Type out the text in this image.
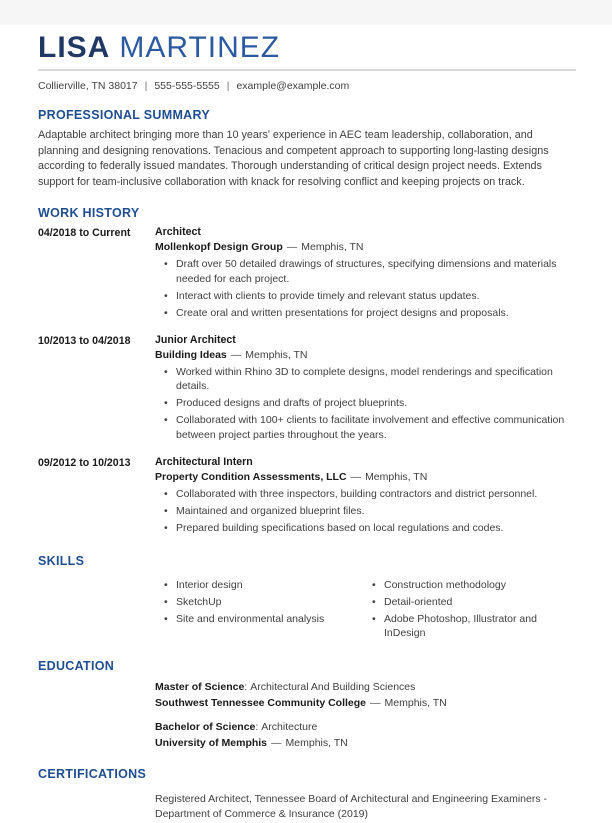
LISA MARTINEZ
Collierville, TN 38017 | 555-555-5555 | example@example.com
PROFESSIONAL SUMMARY

Adaptable architect bringing more than 10 years' experience in AEC team leadership, collaboration, and planning and designing renovations. Tenacious and competent approach to supporting long-lasting designs according to federally issued mandates. Thorough understanding of critical design project needs. Extends support for team-inclusive collaboration with knack for resolving conflict and keeping projects on track.

WORK HISTORY
04/2018 to Current	Architect
Mollenkopf Design Group — Memphis, TN
• Draft over 50 detailed drawings of structures, specifying dimensions and materials needed for each project.
• Interact with clients to provide timely and relevant status updates.
• Create oral and written presentations for project designs and proposals.
10/2013 to 04/2018	Junior Architect
Building Ideas — Memphis, TN
• Worked within Rhino 3D to complete designs, model renderings and specification details.
• Produced designs and drafts of project blueprints.
• Collaborated with 100+ clients to facilitate involvement and effective communication between project parties throughout the years.
09/2012 to 10/2013	Architectural Intern
Property Condition Assessments, LLC — Memphis, TN
• Collaborated with three inspectors, building contractors and district personnel.
• Maintained and organized blueprint files.
• Prepared building specifications based on local regulations and codes.
SKILLS
• Interior design
• SketchUp
• Site and environmental analysis
• Construction methodology
• Detail-oriented
• Adobe Photoshop, Illustrator and InDesign
EDUCATION
Master of Science: Architectural And Building Sciences
Southwest Tennessee Community College — Memphis, TN
Bachelor of Science: Architecture
University of Memphis — Memphis, TN
CERTIFICATIONS

Registered Architect, Tennessee Board of Architectural and Engineering Examiners - Department of Commerce & Insurance (2019)
